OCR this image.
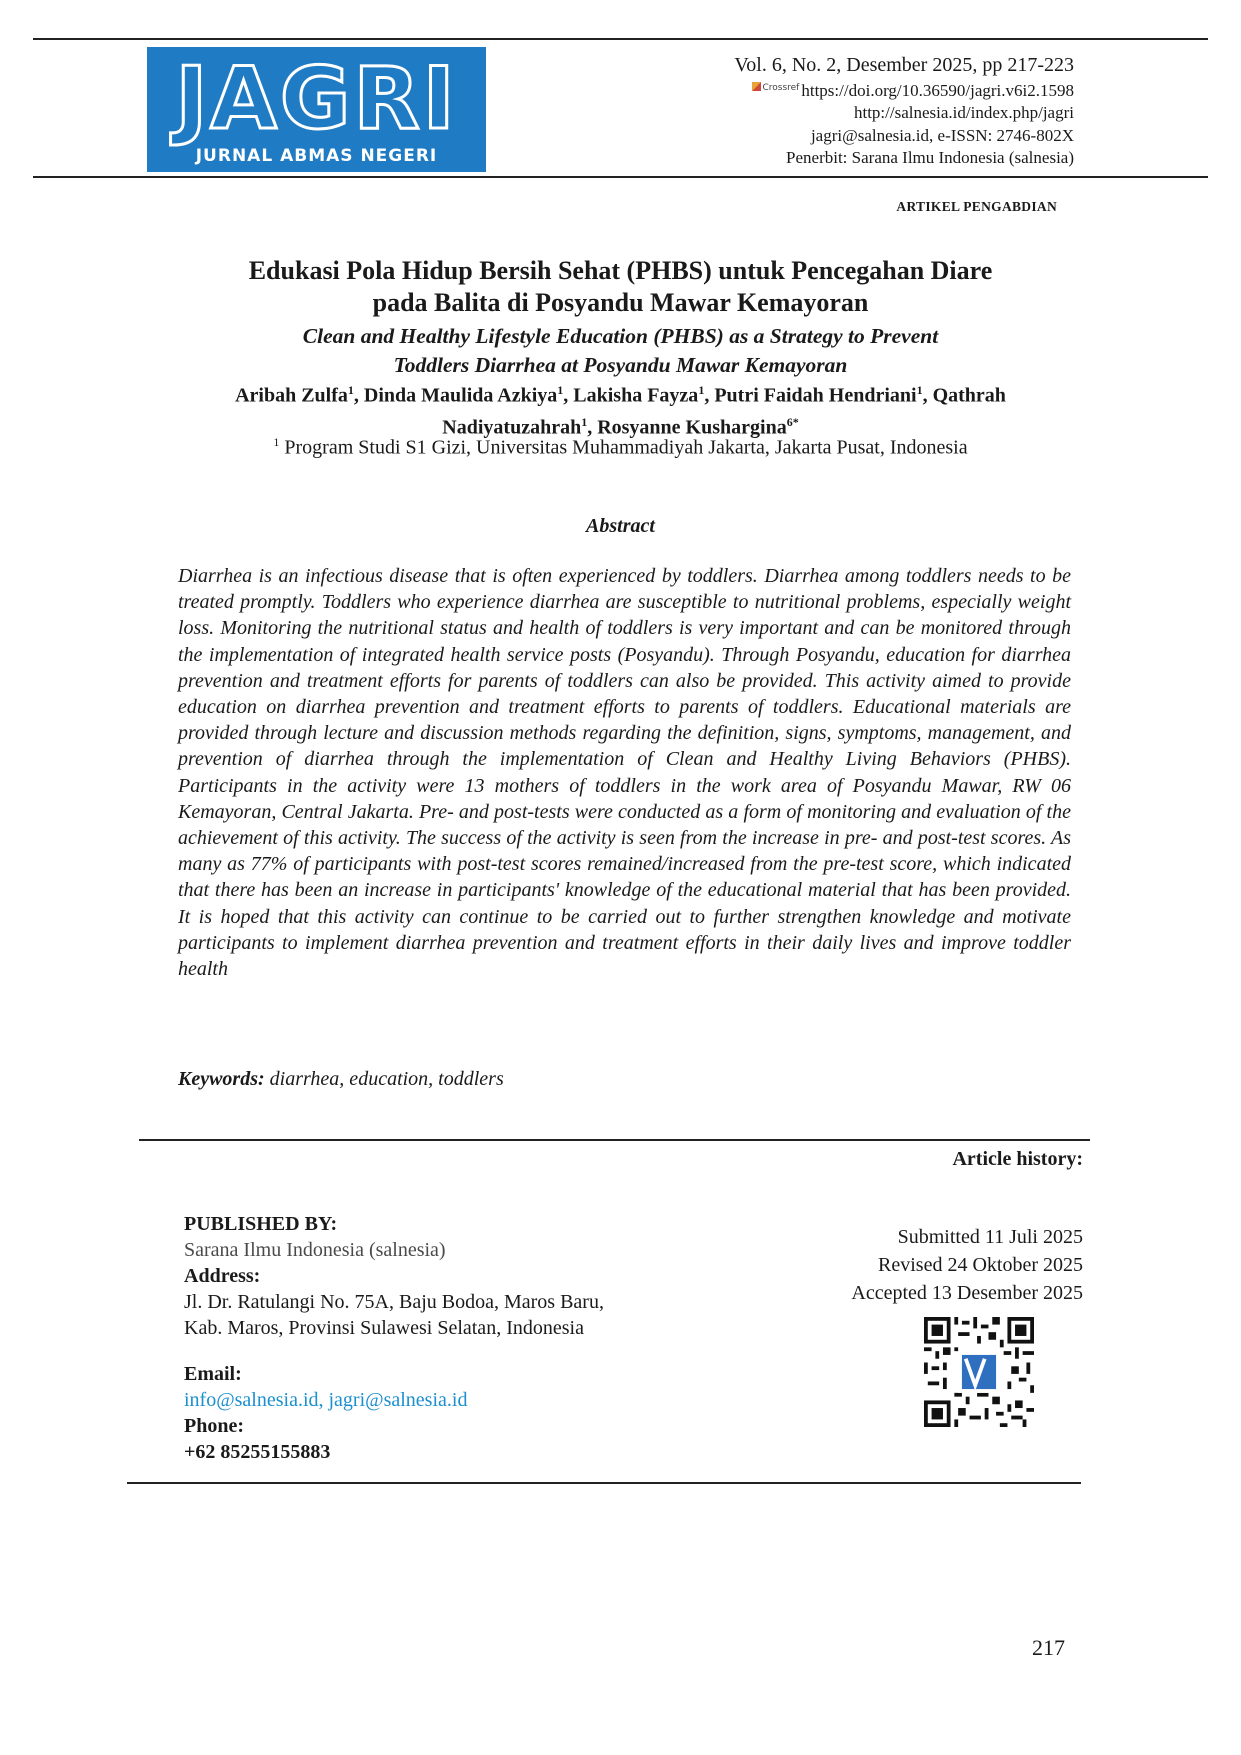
JAGRI
JURNAL ABMAS NEGERI
Vol. 6, No. 2, Desember 2025, pp 217-223
Crossref https://doi.org/10.36590/jagri.v6i2.1598
http://salnesia.id/index.php/jagri
jagri@salnesia.id, e-ISSN: 2746-802X
Penerbit: Sarana Ilmu Indonesia (salnesia)
ARTIKEL PENGABDIAN
Edukasi Pola Hidup Bersih Sehat (PHBS) untuk Pencegahan Diare
pada Balita di Posyandu Mawar Kemayoran
Clean and Healthy Lifestyle Education (PHBS) as a Strategy to Prevent
Toddlers Diarrhea at Posyandu Mawar Kemayoran
Aribah Zulfa$^1$, Dinda Maulida Azkiya$^1$, Lakisha Fayza$^1$, Putri Faidah Hendriani$^1$, Qathrah Nadiyatuzahrah$^1$, Rosyanne Kushargina$^{6*}$
$^1$ Program Studi S1 Gizi, Universitas Muhammadiyah Jakarta, Jakarta Pusat, Indonesia
Abstract
Diarrhea is an infectious disease that is often experienced by toddlers. Diarrhea among toddlers needs to be treated promptly. Toddlers who experience diarrhea are susceptible to nutritional problems, especially weight loss. Monitoring the nutritional status and health of toddlers is very important and can be monitored through the implementation of integrated health service posts (Posyandu). Through Posyandu, education for diarrhea prevention and treatment efforts for parents of toddlers can also be provided. This activity aimed to provide education on diarrhea prevention and treatment efforts to parents of toddlers. Educational materials are provided through lecture and discussion methods regarding the definition, signs, symptoms, management, and prevention of diarrhea through the implementation of Clean and Healthy Living Behaviors (PHBS). Participants in the activity were 13 mothers of toddlers in the work area of Posyandu Mawar, RW 06 Kemayoran, Central Jakarta. Pre- and post-tests were conducted as a form of monitoring and evaluation of the achievement of this activity. The success of the activity is seen from the increase in pre- and post-test scores. As many as 77% of participants with post-test scores remained/increased from the pre-test score, which indicated that there has been an increase in participants' knowledge of the educational material that has been provided. It is hoped that this activity can continue to be carried out to further strengthen knowledge and motivate participants to implement diarrhea prevention and treatment efforts in their daily lives and improve toddler health
Keywords: diarrhea, education, toddlers
Article history:
PUBLISHED BY:
Sarana Ilmu Indonesia (salnesia)
Address:
Jl. Dr. Ratulangi No. 75A, Baju Bodoa, Maros Baru,
Kab. Maros, Provinsi Sulawesi Selatan, Indonesia
Email:
info@salnesia.id, jagri@salnesia.id
Phone:
+62 85255155883
Submitted 11 Juli 2025
Revised 24 Oktober 2025
Accepted 13 Desember 2025
217
